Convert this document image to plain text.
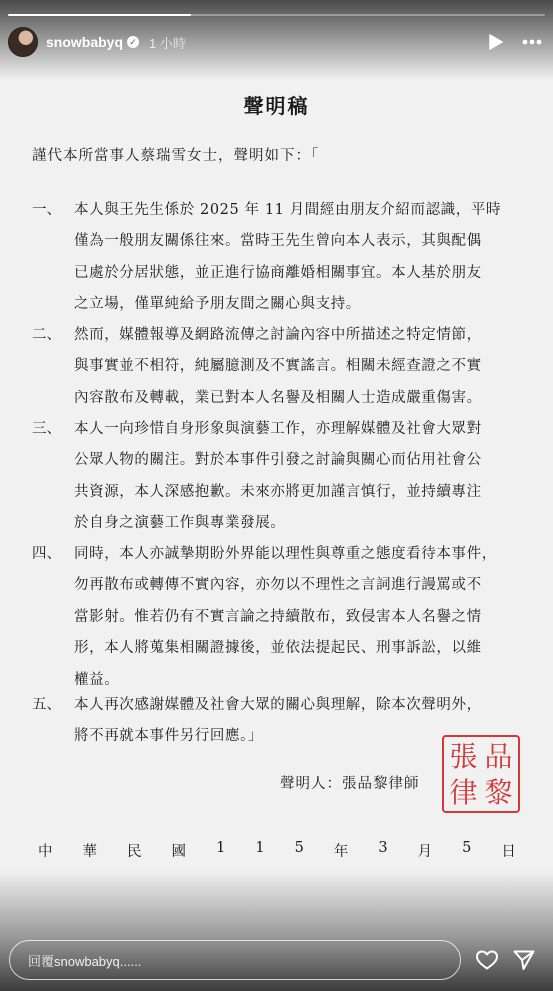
snowbabyq ✓ 1 小時
聲明稿
謹代本所當事人蔡瑞雪女士，聲明如下：「
一、 本人與王先生係於 2025 年 11 月間經由朋友介紹而認識，平時
僅為一般朋友關係往來。當時王先生曾向本人表示，其與配偶
已處於分居狀態，並正進行協商離婚相關事宜。本人基於朋友
之立場，僅單純給予朋友間之關心與支持。
二、 然而，媒體報導及網路流傳之討論內容中所描述之特定情節，
與事實並不相符，純屬臆測及不實謠言。相關未經查證之不實
內容散布及轉載，業已對本人名譽及相關人士造成嚴重傷害。
三、 本人一向珍惜自身形象與演藝工作，亦理解媒體及社會大眾對
公眾人物的關注。對於本事件引發之討論與關心而佔用社會公
共資源，本人深感抱歉。未來亦將更加謹言慎行，並持續專注
於自身之演藝工作與專業發展。
四、 同時，本人亦誠摯期盼外界能以理性與尊重之態度看待本事件，
勿再散布或轉傳不實內容，亦勿以不理性之言詞進行謾罵或不
當影射。惟若仍有不實言論之持續散布，致侵害本人名譽之情
形，本人將蒐集相關證據後，並依法提起民、刑事訴訟，以維
權益。
五、 本人再次感謝媒體及社會大眾的關心與理解，除本次聲明外，
將不再就本事件另行回應。」
聲明人：張品黎律師
張 品
律 黎
中 華 民 國 1 1 5 年 3 月 5 日
回覆snowbabyq......
